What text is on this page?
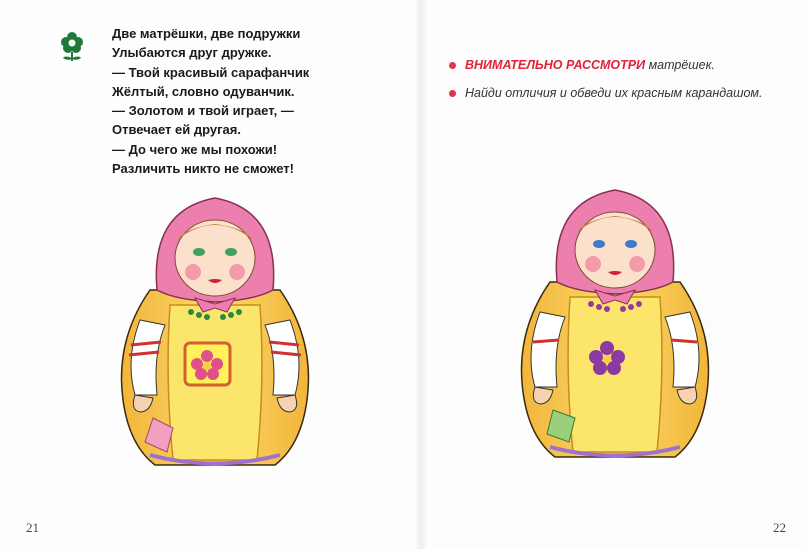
Две матрёшки, две подружки
Улыбаются друг дружке.
— Твой красивый сарафанчик
Жёлтый, словно одуванчик.
— Золотом и твой играет, —
Отвечает ей другая.
— До чего же мы похожи!
Различить никто не сможет!
ВНИМАТЕЛЬНО РАССМОТРИ матрёшек.
Найди отличия и обведи их красным карандашом.
21	22
